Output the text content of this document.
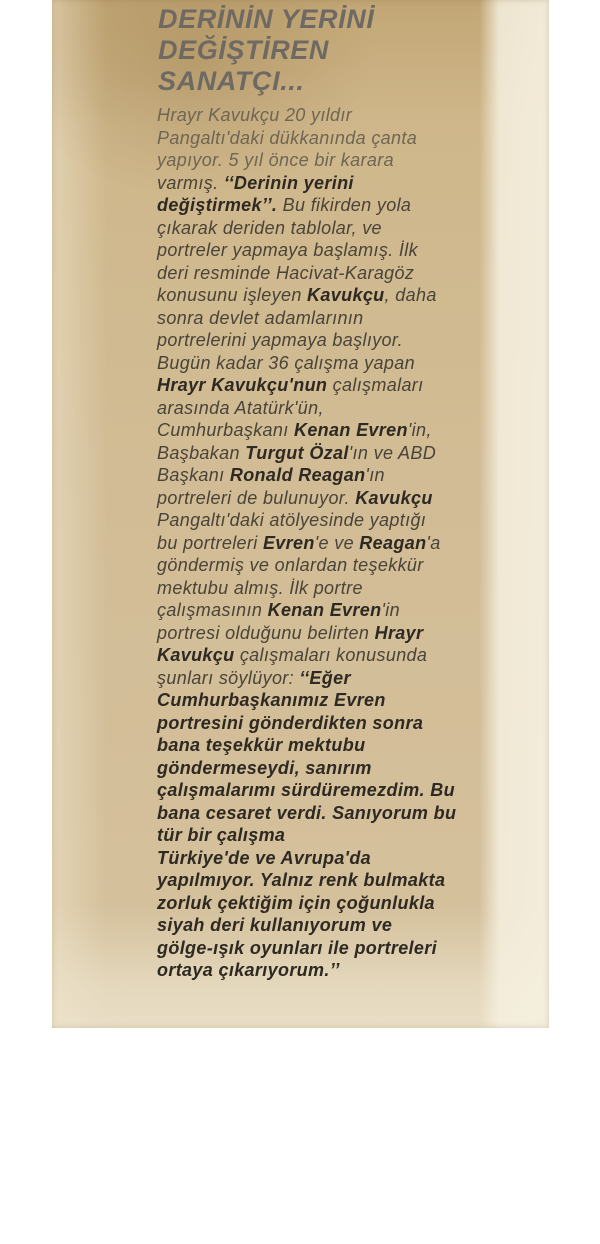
DERİNİN YERİNİ
DEĞİŞTİREN
SANATÇI...
Hrayr Kavukçu 20 yıldır
Pangaltı'daki dükkanında çanta
yapıyor. 5 yıl önce bir karara
varmış. ‘‘Derinin yerini
değiştirmek’’. Bu fikirden yola
çıkarak deriden tablolar, ve
portreler yapmaya başlamış. İlk
deri resminde Hacivat-Karagöz
konusunu işleyen Kavukçu, daha
sonra devlet adamlarının
portrelerini yapmaya başlıyor.
Bugün kadar 36 çalışma yapan
Hrayr Kavukçu'nun çalışmaları
arasında Atatürk'ün,
Cumhurbaşkanı Kenan Evren'in,
Başbakan Turgut Özal'ın ve ABD
Başkanı Ronald Reagan'ın
portreleri de bulunuyor. Kavukçu
Pangaltı'daki atölyesinde yaptığı
bu portreleri Evren'e ve Reagan'a
göndermiş ve onlardan teşekkür
mektubu almış. İlk portre
çalışmasının Kenan Evren'in
portresi olduğunu belirten Hrayr
Kavukçu çalışmaları konusunda
şunları söylüyor: ‘‘Eğer
Cumhurbaşkanımız Evren
portresini gönderdikten sonra
bana teşekkür mektubu
göndermeseydi, sanırım
çalışmalarımı sürdüremezdim. Bu
bana cesaret verdi. Sanıyorum bu
tür bir çalışma
Türkiye'de ve Avrupa'da
yapılmıyor. Yalnız renk bulmakta
zorluk çektiğim için çoğunlukla
siyah deri kullanıyorum ve
gölge-ışık oyunları ile portreleri
ortaya çıkarıyorum.’’
